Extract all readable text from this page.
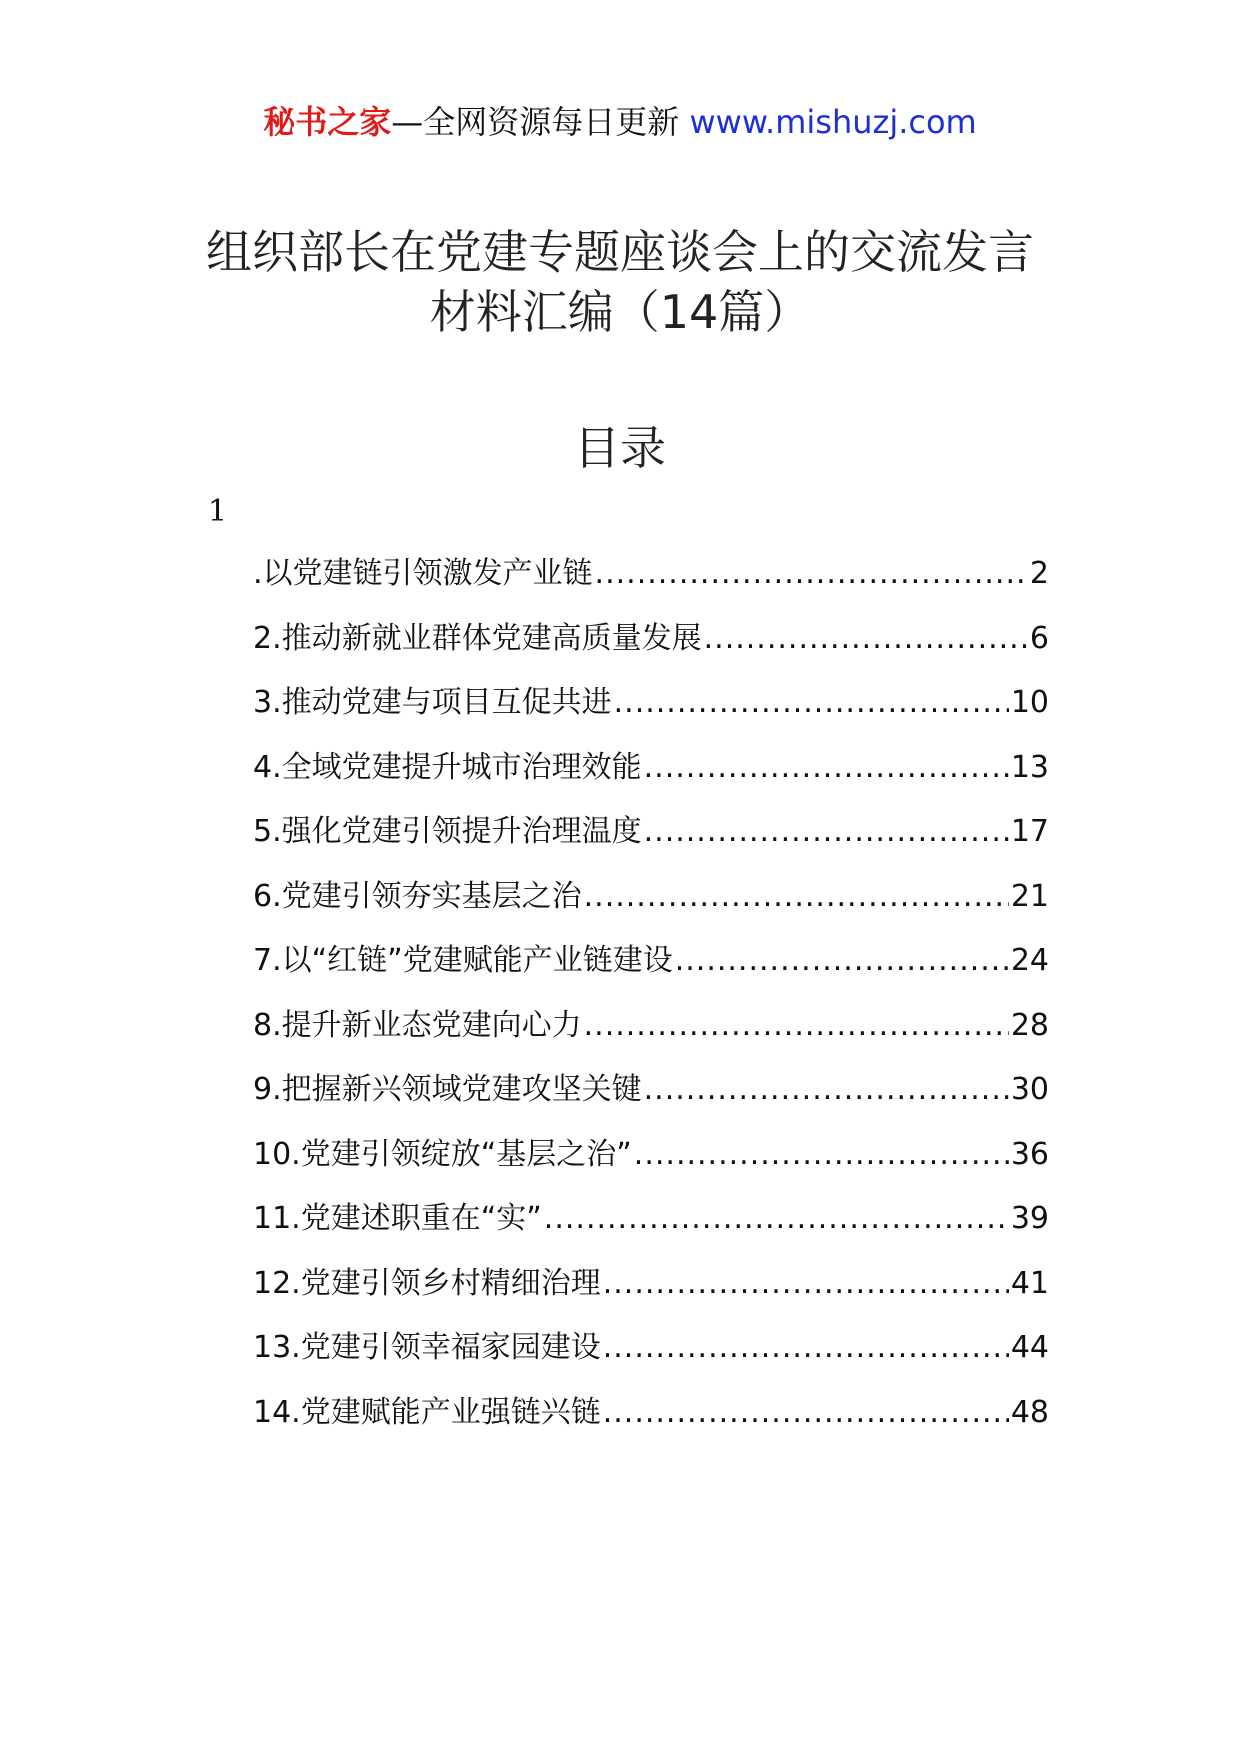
秘书之家—全网资源每日更新 www.mishuzj.com
组织部长在党建专题座谈会上的交流发言
材料汇编（14篇）
目录
1
.以党建链引领激发产业链 .....	2
2.推动新就业群体党建高质量发展 .....	6
3.推动党建与项目互促共进 .....	10
4.全域党建提升城市治理效能 .....	13
5.强化党建引领提升治理温度 .....	17
6.党建引领夯实基层之治 .....	21
7.以“红链”党建赋能产业链建设 .....	24
8.提升新业态党建向心力 .....	28
9.把握新兴领域党建攻坚关键 .....	30
10.党建引领绽放“基层之治” .....	36
11.党建述职重在“实” .....	39
12.党建引领乡村精细治理 .....	41
13.党建引领幸福家园建设 .....	44
14.党建赋能产业强链兴链 .....	48
